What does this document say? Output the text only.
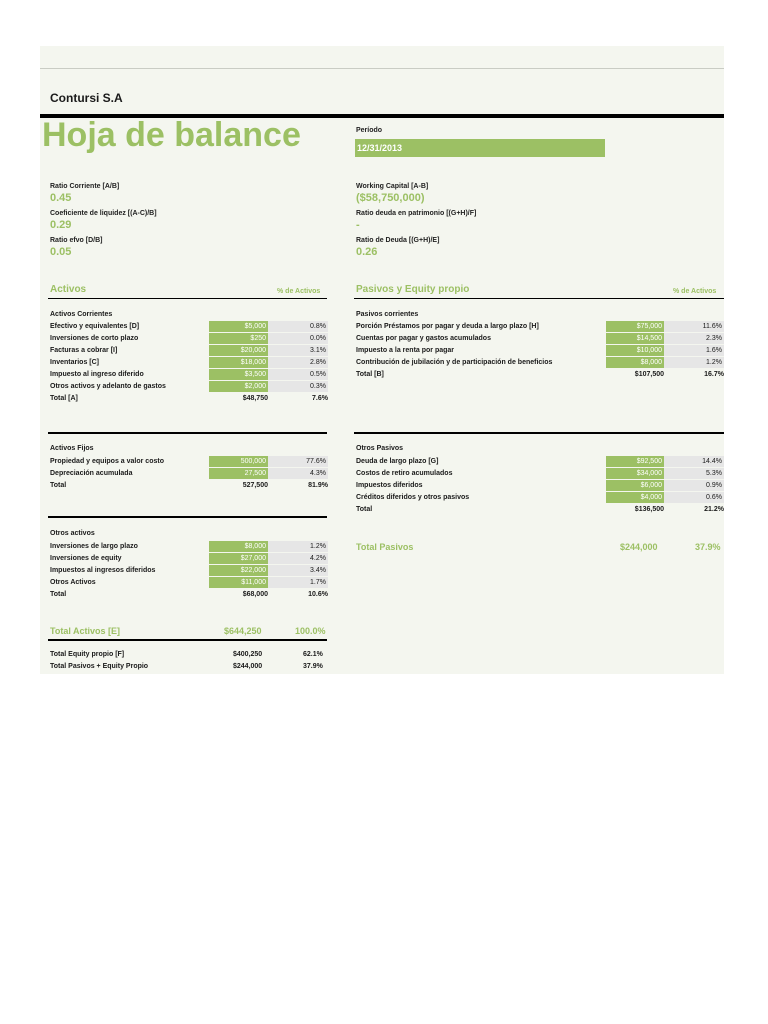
Contursi S.A
Hoja de balance	Período
12/31/2013
Ratio Corriente [A/B]
0.45
Coeficiente de liquidez [(A-C)/B]
0.29
Ratio efvo [D/B]
0.05
Working Capital [A-B]
($58,750,000)
Ratio deuda en patrimonio [(G+H)/F]
-
Ratio de Deuda [(G+H)/E]
0.26
Activos	% de Activos	Pasivos y Equity propio	% de Activos
Activos Corrientes
Efectivo y equivalentes [D]	$5,000	0.8%
Inversiones de corto plazo	$250	0.0%
Facturas a cobrar [I]	$20,000	3.1%
Inventarios [C]	$18,000	2.8%
Impuesto al ingreso diferido	$3,500	0.5%
Otros activos y adelanto de gastos	$2,000	0.3%
Total [A]	$48,750	7.6%
Pasivos corrientes
Porción Préstamos por pagar y deuda a largo plazo [H]	$75,000	11.6%
Cuentas por pagar y gastos acumulados	$14,500	2.3%
Impuesto a la renta por pagar	$10,000	1.6%
Contribución de jubilación y de participación de beneficios	$8,000	1.2%
Total [B]	$107,500	16.7%
Activos Fijos
Propiedad y equipos a valor costo	500,000	77.6%
Depreciación acumulada	27,500	4.3%
Total	527,500	81.9%
Otros Pasivos
Deuda de largo plazo [G]	$92,500	14.4%
Costos de retiro acumulados	$34,000	5.3%
Impuestos diferidos	$6,000	0.9%
Créditos diferidos y otros pasivos	$4,000	0.6%
Total	$136,500	21.2%
Otros activos
Inversiones de largo plazo	$8,000	1.2%
Inversiones de equity	$27,000	4.2%
Impuestos al ingresos diferidos	$22,000	3.4%
Otros Activos	$11,000	1.7%
Total	$68,000	10.6%
Total Pasivos	$244,000	37.9%
Total Activos [E]	$644,250	100.0%
Total Equity propio [F]	$400,250	62.1%
Total Pasivos + Equity Propio	$244,000	37.9%
